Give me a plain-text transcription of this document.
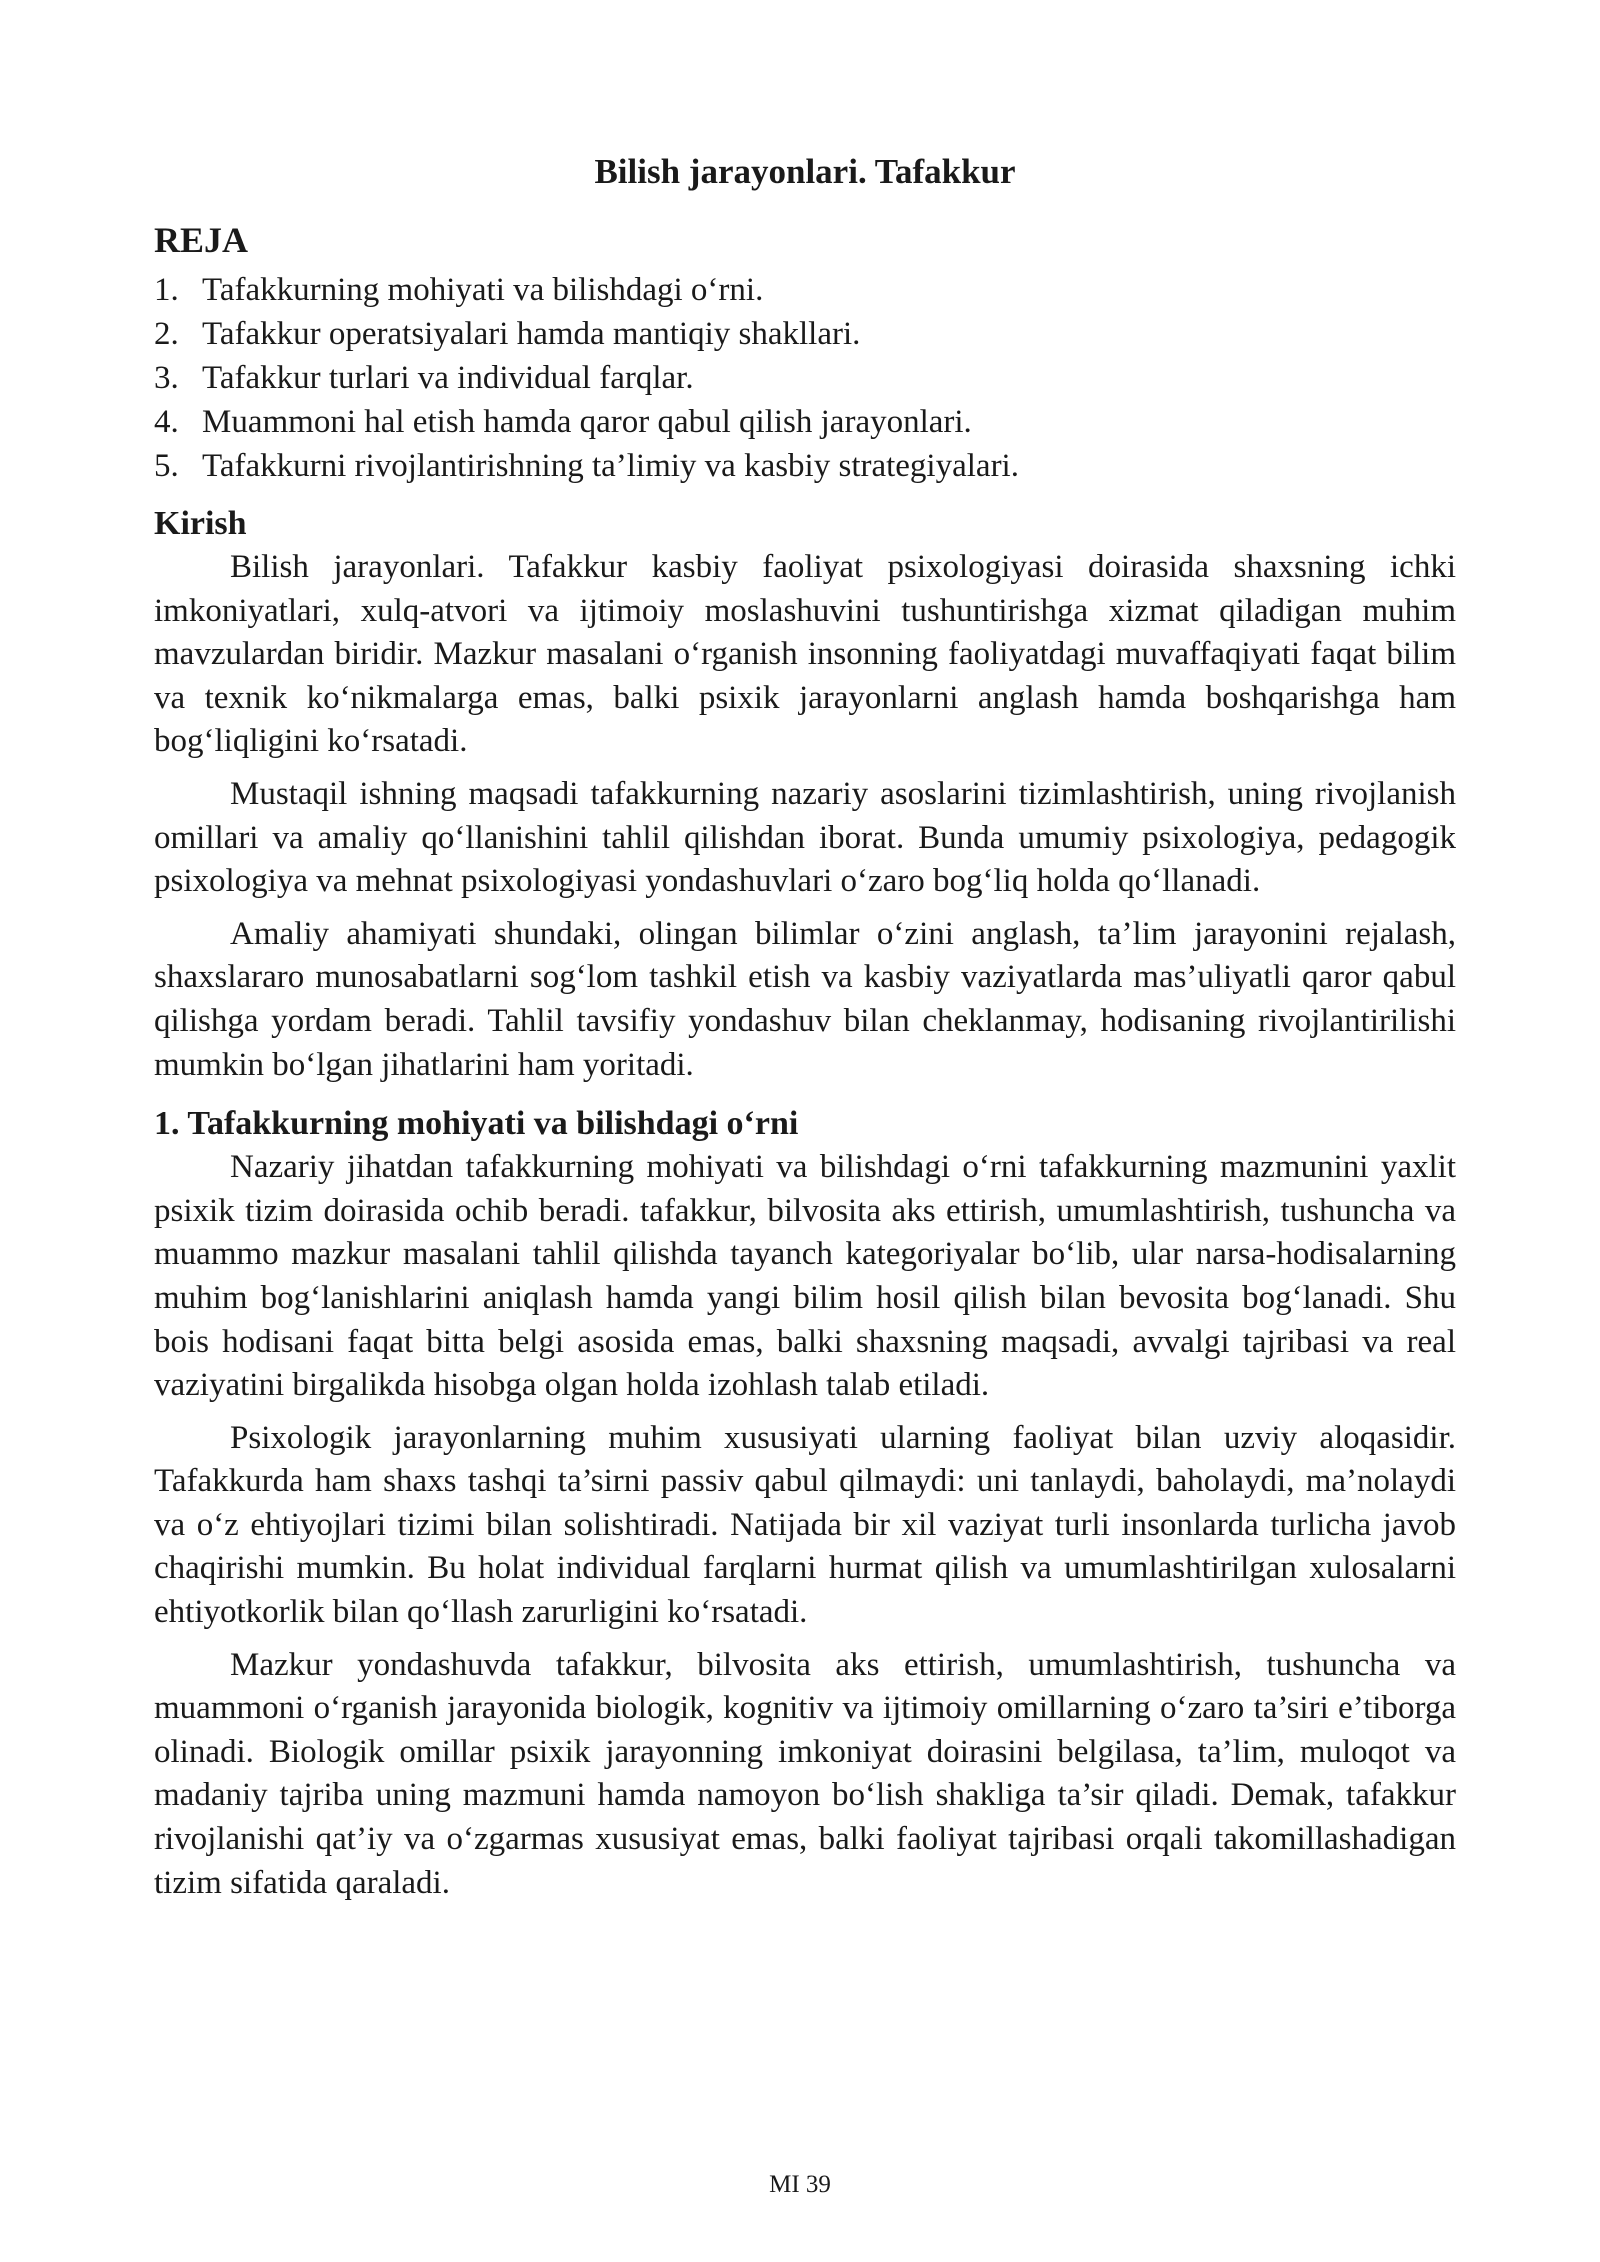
Bilish jarayonlari. Tafakkur
REJA
1. Tafakkurning mohiyati va bilishdagi o‘rni.
2. Tafakkur operatsiyalari hamda mantiqiy shakllari.
3. Tafakkur turlari va individual farqlar.
4. Muammoni hal etish hamda qaror qabul qilish jarayonlari.
5. Tafakkurni rivojlantirishning ta’limiy va kasbiy strategiyalari.
Kirish

Bilish jarayonlari. Tafakkur kasbiy faoliyat psixologiyasi doirasida shaxsning ichki imkoniyatlari, xulq-atvori va ijtimoiy moslashuvini tushuntirishga xizmat qiladigan muhim mavzulardan biridir. Mazkur masalani o‘rganish insonning faoliyatdagi muvaffaqiyati faqat bilim va texnik ko‘nikmalarga emas, balki psixik jarayonlarni anglash hamda boshqarishga ham bog‘liqligini ko‘rsatadi.

Mustaqil ishning maqsadi tafakkurning nazariy asoslarini tizimlashtirish, uning rivojlanish omillari va amaliy qo‘llanishini tahlil qilishdan iborat. Bunda umumiy psixologiya, pedagogik psixologiya va mehnat psixologiyasi yondashuvlari o‘zaro bog‘liq holda qo‘llanadi.

Amaliy ahamiyati shundaki, olingan bilimlar o‘zini anglash, ta’lim jarayonini rejalash, shaxslararo munosabatlarni sog‘lom tashkil etish va kasbiy vaziyatlarda mas’uliyatli qaror qabul qilishga yordam beradi. Tahlil tavsifiy yondashuv bilan cheklanmay, hodisaning rivojlantirilishi mumkin bo‘lgan jihatlarini ham yoritadi.

1. Tafakkurning mohiyati va bilishdagi o‘rni

Nazariy jihatdan tafakkurning mohiyati va bilishdagi o‘rni tafakkurning mazmunini yaxlit psixik tizim doirasida ochib beradi. tafakkur, bilvosita aks ettirish, umumlashtirish, tushuncha va muammo mazkur masalani tahlil qilishda tayanch kategoriyalar bo‘lib, ular narsa-hodisalarning muhim bog‘lanishlarini aniqlash hamda yangi bilim hosil qilish bilan bevosita bog‘lanadi. Shu bois hodisani faqat bitta belgi asosida emas, balki shaxsning maqsadi, avvalgi tajribasi va real vaziyatini birgalikda hisobga olgan holda izohlash talab etiladi.

Psixologik jarayonlarning muhim xususiyati ularning faoliyat bilan uzviy aloqasidir. Tafakkurda ham shaxs tashqi ta’sirni passiv qabul qilmaydi: uni tanlaydi, baholaydi, ma’nolaydi va o‘z ehtiyojlari tizimi bilan solishtiradi. Natijada bir xil vaziyat turli insonlarda turlicha javob chaqirishi mumkin. Bu holat individual farqlarni hurmat qilish va umumlashtirilgan xulosalarni ehtiyotkorlik bilan qo‘llash zarurligini ko‘rsatadi.

Mazkur yondashuvda tafakkur, bilvosita aks ettirish, umumlashtirish, tushuncha va muammoni o‘rganish jarayonida biologik, kognitiv va ijtimoiy omillarning o‘zaro ta’siri e’tiborga olinadi. Biologik omillar psixik jarayonning imkoniyat doirasini belgilasa, ta’lim, muloqot va madaniy tajriba uning mazmuni hamda namoyon bo‘lish shakliga ta’sir qiladi. Demak, tafakkur rivojlanishi qat’iy va o‘zgarmas xususiyat emas, balki faoliyat tajribasi orqali takomillashadigan tizim sifatida qaraladi.

MI 39
